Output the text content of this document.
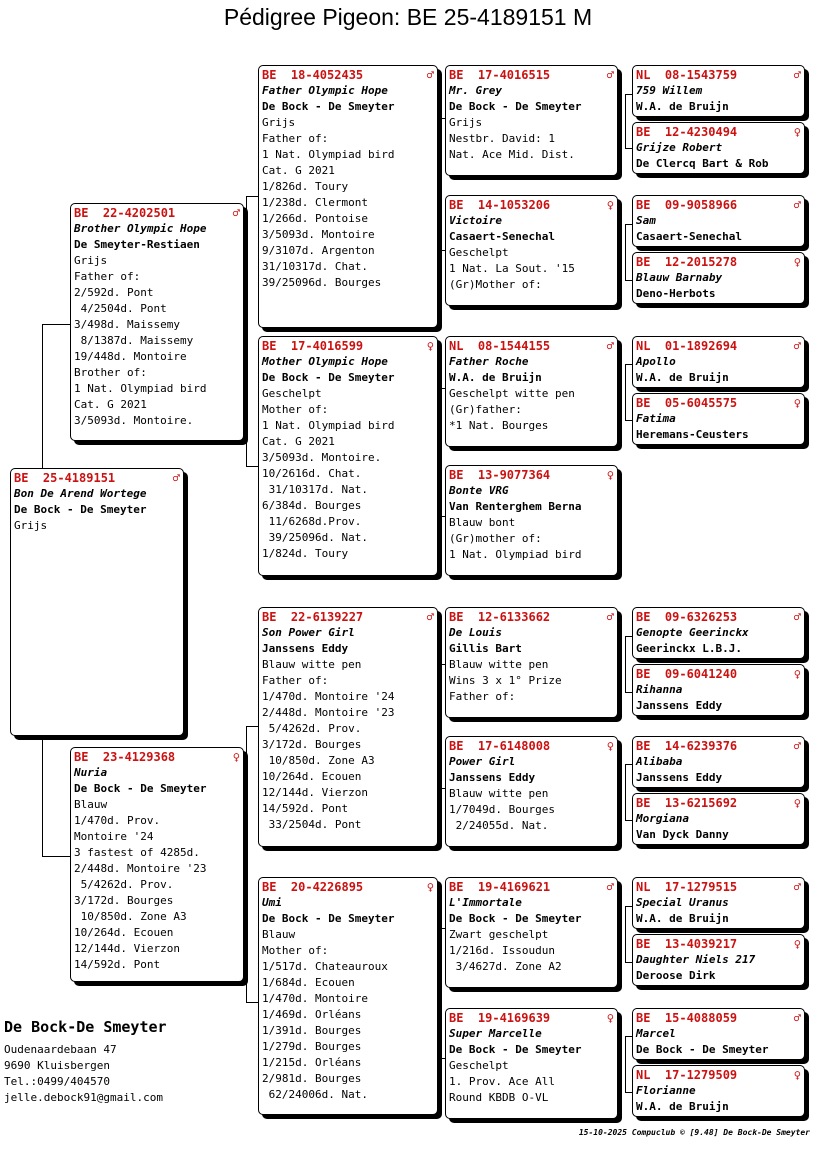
Pédigree Pigeon: BE 25-4189151 M
BE  25-4189151	♂
Bon De Arend Wortege
De Bock - De Smeyter
Grijs
BE  22-4202501	♂
Brother Olympic Hope
De Smeyter-Restiaen
Grijs
Father of:
2/592d. Pont
4/2504d. Pont
3/498d. Maissemy
8/1387d. Maissemy
19/448d. Montoire
Brother of:
1 Nat. Olympiad bird
Cat. G 2021
3/5093d. Montoire.
BE  23-4129368	♀
Nuria
De Bock - De Smeyter
Blauw
1/470d. Prov.
Montoire '24
3 fastest of 4285d.
2/448d. Montoire '23
5/4262d. Prov.
3/172d. Bourges
10/850d. Zone A3
10/264d. Ecouen
12/144d. Vierzon
14/592d. Pont
BE  18-4052435	♂
Father Olympic Hope
De Bock - De Smeyter
Grijs
Father of:
1 Nat. Olympiad bird
Cat. G 2021
1/826d. Toury
1/238d. Clermont
1/266d. Pontoise
3/5093d. Montoire
9/3107d. Argenton
31/10317d. Chat.
39/25096d. Bourges
BE  17-4016599	♀
Mother Olympic Hope
De Bock - De Smeyter
Geschelpt
Mother of:
1 Nat. Olympiad bird
Cat. G 2021
3/5093d. Montoire.
10/2616d. Chat.
31/10317d. Nat.
6/384d. Bourges
11/6268d.Prov.
39/25096d. Nat.
1/824d. Toury
BE  22-6139227	♂
Son Power Girl
Janssens Eddy
Blauw witte pen
Father of:
1/470d. Montoire '24
2/448d. Montoire '23
5/4262d. Prov.
3/172d. Bourges
10/850d. Zone A3
10/264d. Ecouen
12/144d. Vierzon
14/592d. Pont
33/2504d. Pont
BE  20-4226895	♀
Umi
De Bock - De Smeyter
Blauw
Mother of:
1/517d. Chateauroux
1/684d. Ecouen
1/470d. Montoire
1/469d. Orléans
1/391d. Bourges
1/279d. Bourges
1/215d. Orléans
2/981d. Bourges
62/24006d. Nat.
BE  17-4016515	♂
Mr. Grey
De Bock - De Smeyter
Grijs
Nestbr. David: 1
Nat. Ace Mid. Dist.
BE  14-1053206	♀
Victoire
Casaert-Senechal
Geschelpt
1 Nat. La Sout. '15
(Gr)Mother of:
NL  08-1544155	♂
Father Roche
W.A. de Bruijn
Geschelpt witte pen
(Gr)father:
*1 Nat. Bourges
BE  13-9077364	♀
Bonte VRG
Van Renterghem Berna
Blauw bont
(Gr)mother of:
1 Nat. Olympiad bird
BE  12-6133662	♂
De Louis
Gillis Bart
Blauw witte pen
Wins 3 x 1° Prize
Father of:
BE  17-6148008	♀
Power Girl
Janssens Eddy
Blauw witte pen
1/7049d. Bourges
2/24055d. Nat.
BE  19-4169621	♂
L'Immortale
De Bock - De Smeyter
Zwart geschelpt
1/216d. Issoudun
3/4627d. Zone A2
BE  19-4169639	♀
Super Marcelle
De Bock - De Smeyter
Geschelpt
1. Prov. Ace All
Round KBDB O-VL
NL  08-1543759	♂
759 Willem
W.A. de Bruijn
BE  12-4230494	♀
Grijze Robert
De Clercq Bart & Rob
BE  09-9058966	♂
Sam
Casaert-Senechal
BE  12-2015278	♀
Blauw Barnaby
Deno-Herbots
NL  01-1892694	♂
Apollo
W.A. de Bruijn
BE  05-6045575	♀
Fatima
Heremans-Ceusters
BE  09-6326253	♂
Genopte Geerinckx
Geerinckx L.B.J.
BE  09-6041240	♀
Rihanna
Janssens Eddy
BE  14-6239376	♂
Alibaba
Janssens Eddy
BE  13-6215692	♀
Morgiana
Van Dyck Danny
NL  17-1279515	♂
Special Uranus
W.A. de Bruijn
BE  13-4039217	♀
Daughter Niels 217
Deroose Dirk
BE  15-4088059	♂
Marcel
De Bock - De Smeyter
NL  17-1279509	♀
Florianne
W.A. de Bruijn
De Bock-De Smeyter
Oudenaardebaan 47
9690 Kluisbergen
Tel.:0499/404570
jelle.debock91@gmail.com
15-10-2025 Compuclub © [9.48] De Bock-De Smeyter
